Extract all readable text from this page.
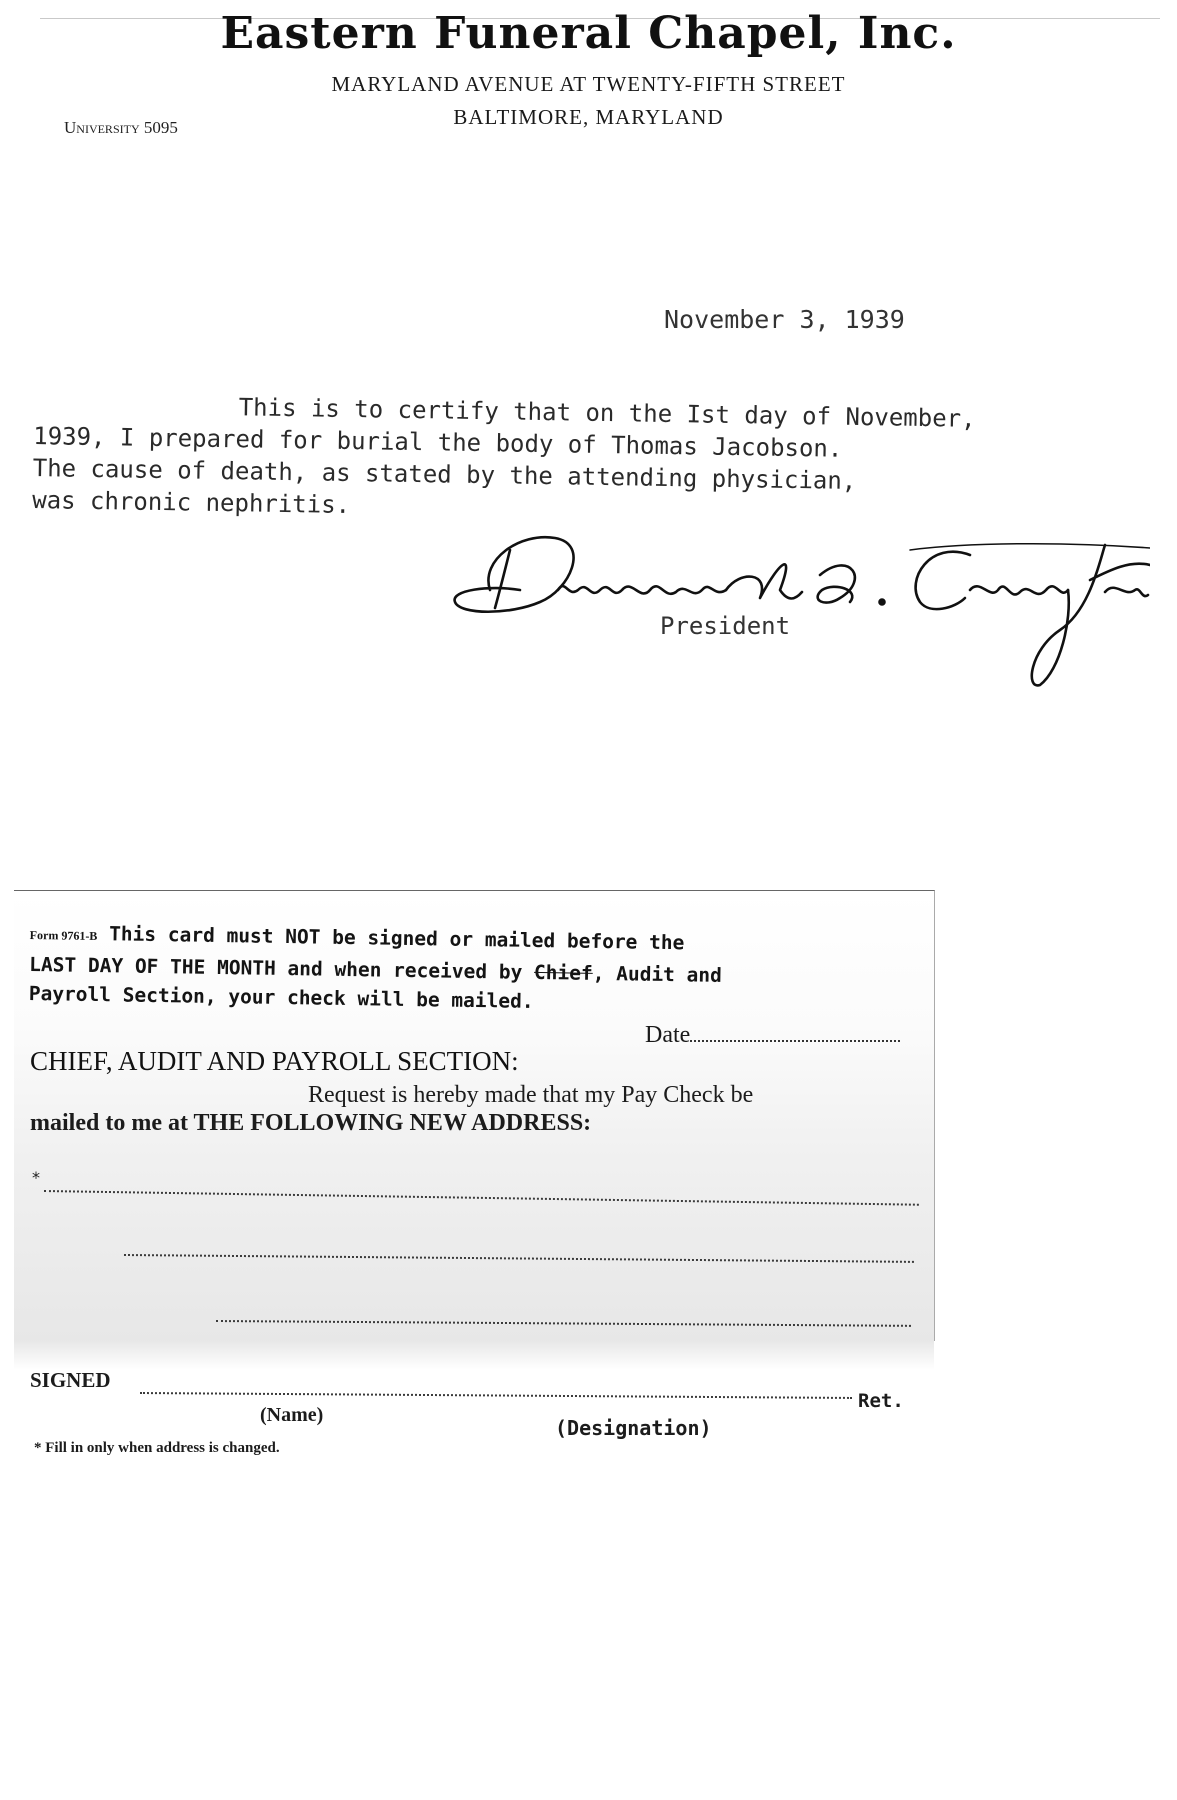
Eastern Funeral Chapel, Inc.
MARYLAND AVENUE AT TWENTY-FIFTH STREET
BALTIMORE, MARYLAND
University 5095
November 3, 1939

This is to certify that on the Ist day of November,

1939, I prepared for burial the body of Thomas Jacobson.

The cause of death, as stated by the attending physician,

was chronic nephritis.

President

Form 9761-B This card must NOT be signed or mailed before the

LAST DAY OF THE MONTH and when received by Chief, Audit and

Payroll Section, your check will be mailed.

Date
CHIEF, AUDIT AND PAYROLL SECTION:
Request is hereby made that my Pay Check be
mailed to me at THE FOLLOWING NEW ADDRESS:
*
SIGNED
Ret.
(Name)
(Designation)
* Fill in only when address is changed.
